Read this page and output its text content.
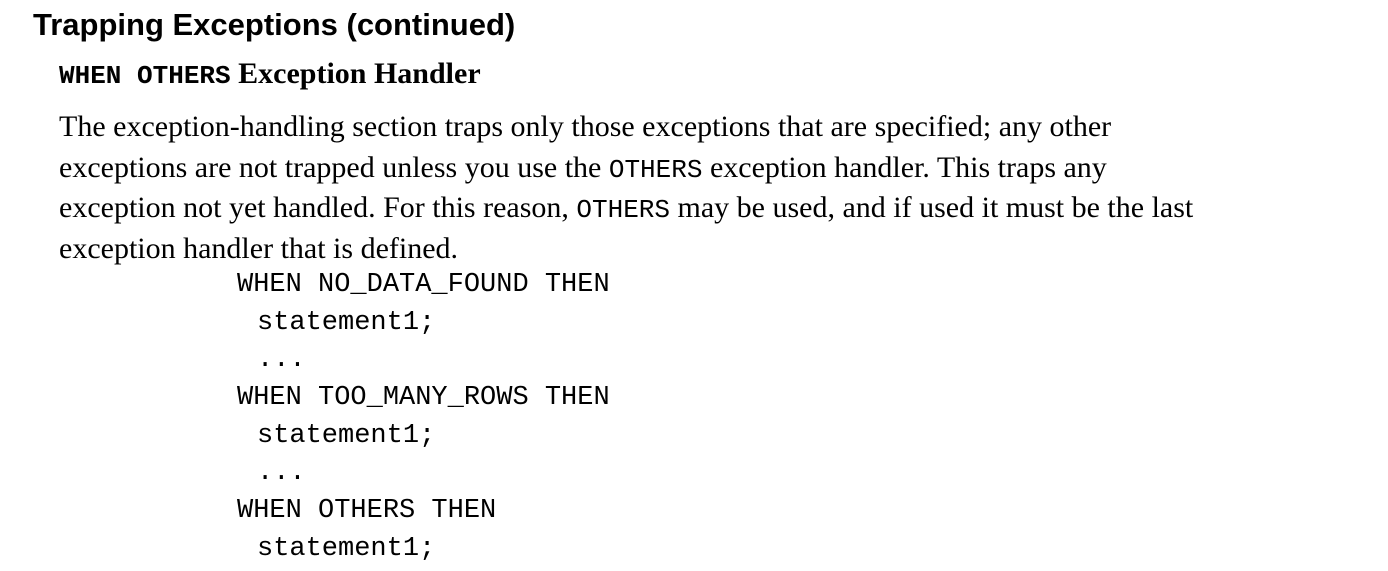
Trapping Exceptions (continued)
WHEN OTHERS Exception Handler
The exception-handling section traps only those exceptions that are specified; any other
exceptions are not trapped unless you use the OTHERS exception handler. This traps any
exception not yet handled. For this reason, OTHERS may be used, and if used it must be the last
exception handler that is defined.
WHEN NO_DATA_FOUND THEN
statement1;
...
WHEN TOO_MANY_ROWS THEN
statement1;
...
WHEN OTHERS THEN
statement1;
